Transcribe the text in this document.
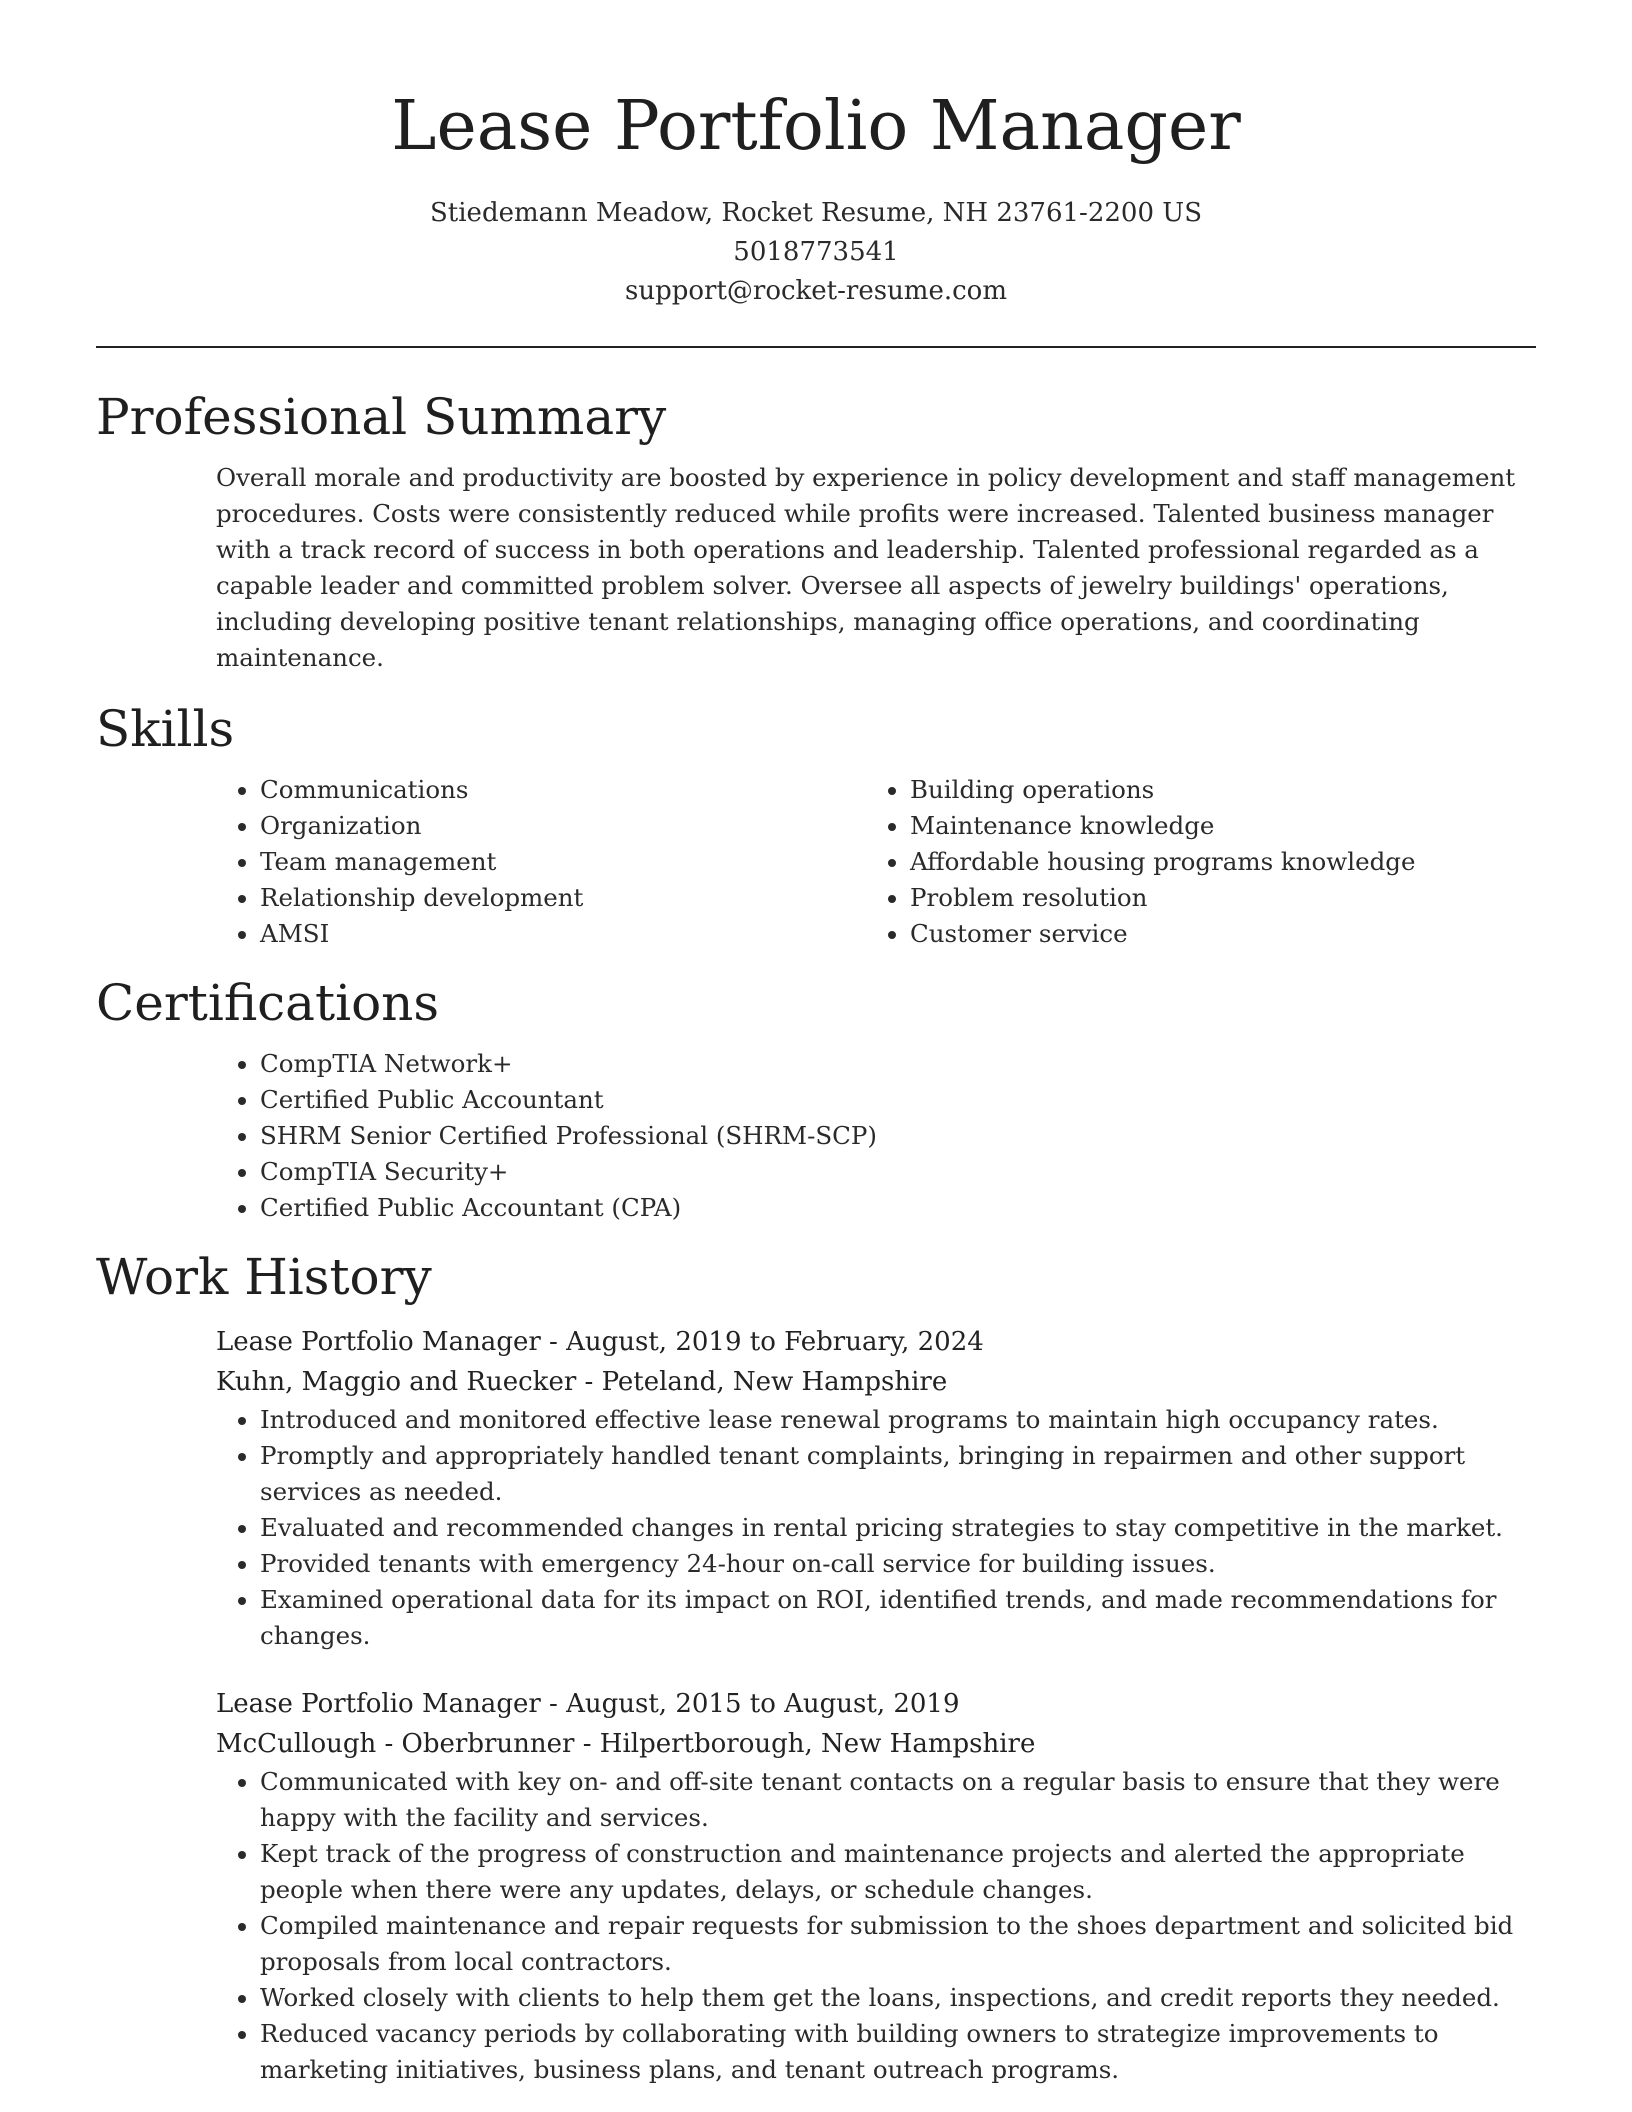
Lease Portfolio Manager

Stiedemann Meadow, Rocket Resume, NH 23761-2200 US

5018773541

support@rocket-resume.com

Professional Summary

Overall morale and productivity are boosted by experience in policy development and staff management procedures. Costs were consistently reduced while profits were increased. Talented business manager with a track record of success in both operations and leadership. Talented professional regarded as a capable leader and committed problem solver. Oversee all aspects of jewelry buildings' operations, including developing positive tenant relationships, managing office operations, and coordinating maintenance.

Skills
• Communications
• Organization
• Team management
• Relationship development
• AMSI
• Building operations
• Maintenance knowledge
• Affordable housing programs knowledge
• Problem resolution
• Customer service
Certifications
• CompTIA Network+
• Certified Public Accountant
• SHRM Senior Certified Professional (SHRM-SCP)
• CompTIA Security+
• Certified Public Accountant (CPA)
Work History

Lease Portfolio Manager - August, 2019 to February, 2024

Kuhn, Maggio and Ruecker - Peteland, New Hampshire

• Introduced and monitored effective lease renewal programs to maintain high occupancy rates.
• Promptly and appropriately handled tenant complaints, bringing in repairmen and other support services as needed.
• Evaluated and recommended changes in rental pricing strategies to stay competitive in the market.
• Provided tenants with emergency 24-hour on-call service for building issues.
• Examined operational data for its impact on ROI, identified trends, and made recommendations for changes.

Lease Portfolio Manager - August, 2015 to August, 2019

McCullough - Oberbrunner - Hilpertborough, New Hampshire

• Communicated with key on- and off-site tenant contacts on a regular basis to ensure that they were happy with the facility and services.
• Kept track of the progress of construction and maintenance projects and alerted the appropriate people when there were any updates, delays, or schedule changes.
• Compiled maintenance and repair requests for submission to the shoes department and solicited bid proposals from local contractors.
• Worked closely with clients to help them get the loans, inspections, and credit reports they needed.
• Reduced vacancy periods by collaborating with building owners to strategize improvements to marketing initiatives, business plans, and tenant outreach programs.
